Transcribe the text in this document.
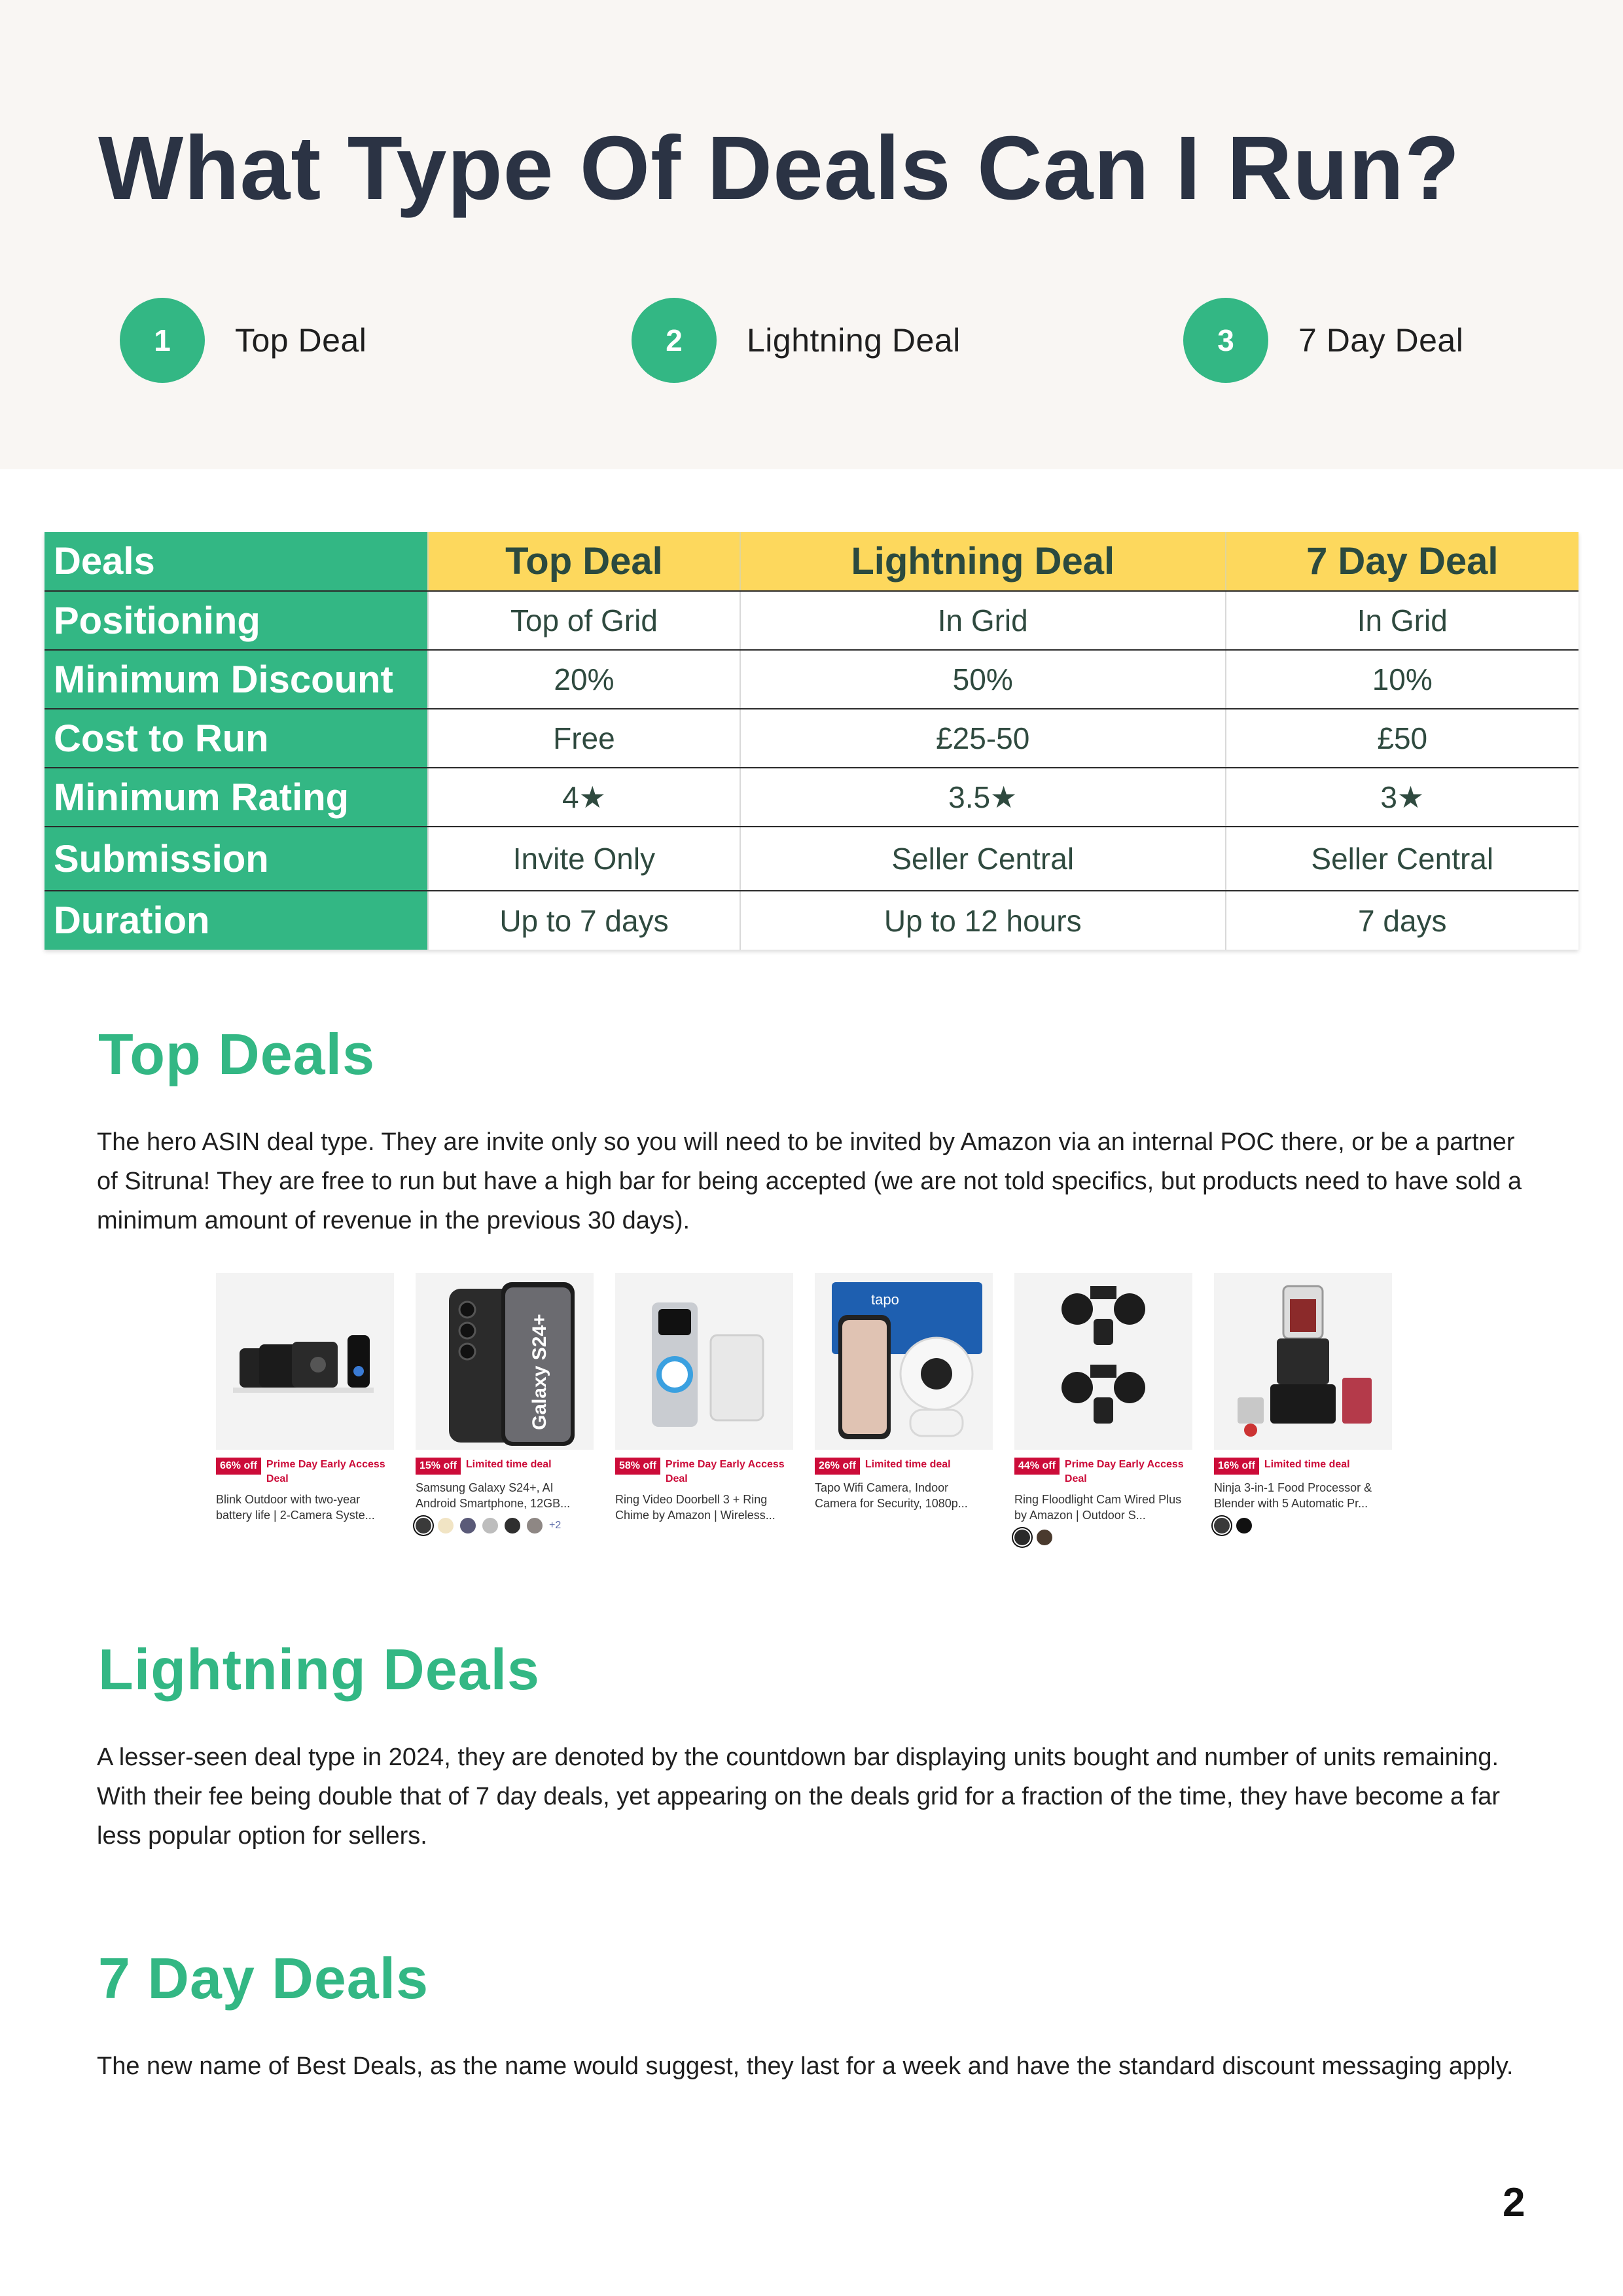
What Type Of Deals Can I Run?
1	Top Deal	2	Lightning Deal	3	7 Day Deal
Deals	Top Deal	Lightning Deal	7 Day Deal
Positioning	Top of Grid	In Grid	In Grid
Minimum Discount	20%	50%	10%
Cost to Run	Free	£25-50	£50
Minimum Rating	4★	3.5★	3★
Submission	Invite Only	Seller Central	Seller Central
Duration	Up to 7 days	Up to 12 hours	7 days
Top Deals

The hero ASIN deal type. They are invite only so you will need to be invited by Amazon via an internal POC there, or be a partner of Sitruna! They are free to run but have a high bar for being accepted (we are not told specifics, but products need to have sold a minimum amount of revenue in the previous 30 days).

66% off Prime Day Early Access Deal
Blink Outdoor with two-year battery life | 2-Camera Syste...
Galaxy S24+
15% off Limited time deal
Samsung Galaxy S24+, AI Android Smartphone, 12GB...
+2
58% off Prime Day Early Access Deal
Ring Video Doorbell 3 + Ring Chime by Amazon | Wireless...
tapo
26% off Limited time deal
Tapo Wifi Camera, Indoor Camera for Security, 1080p...
44% off Prime Day Early Access Deal
Ring Floodlight Cam Wired Plus by Amazon | Outdoor S...
16% off Limited time deal
Ninja 3-in-1 Food Processor & Blender with 5 Automatic Pr...
Lightning Deals

A lesser-seen deal type in 2024, they are denoted by the countdown bar displaying units bought and number of units remaining. With their fee being double that of 7 day deals, yet appearing on the deals grid for a fraction of the time, they have become a far less popular option for sellers.

7 Day Deals

The new name of Best Deals, as the name would suggest, they last for a week and have the standard discount messaging apply.

2
